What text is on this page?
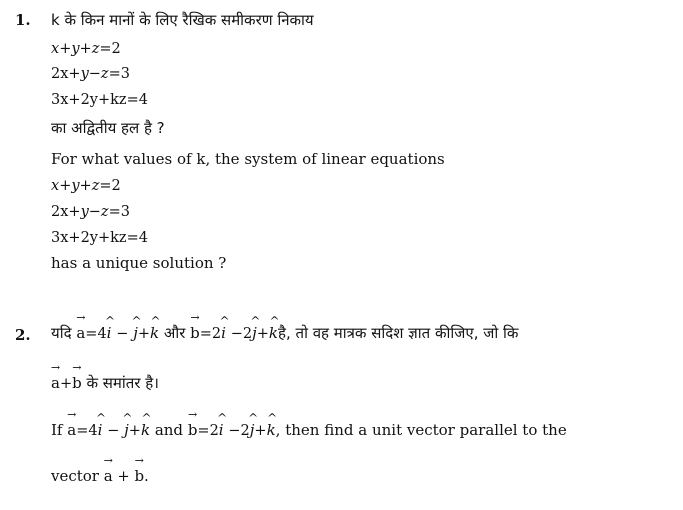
1. k के किन मानों के लिए रैखिक समीकरण निकाय
x+y+z=2
2x+y−z=3
3x+2y+kz=4
का अद्वितीय हल है ?
For what values of k, the system of linear equations
x+y+z=2
2x+y−z=3
3x+2y+kz=4
has a unique solution ?
2. यदि → a=4^ i − ^ j+^ k और → b=2^ i −2^ j+^ kहै, तो वह मात्रक सदिश ज्ञात कीजिए, जो कि
→ a+→ b के समांतर है।
If → a=4^ i − ^ j+^ k and → b=2^ i −2^ j+^ k, then find a unit vector parallel to the
vector → a + → b.
